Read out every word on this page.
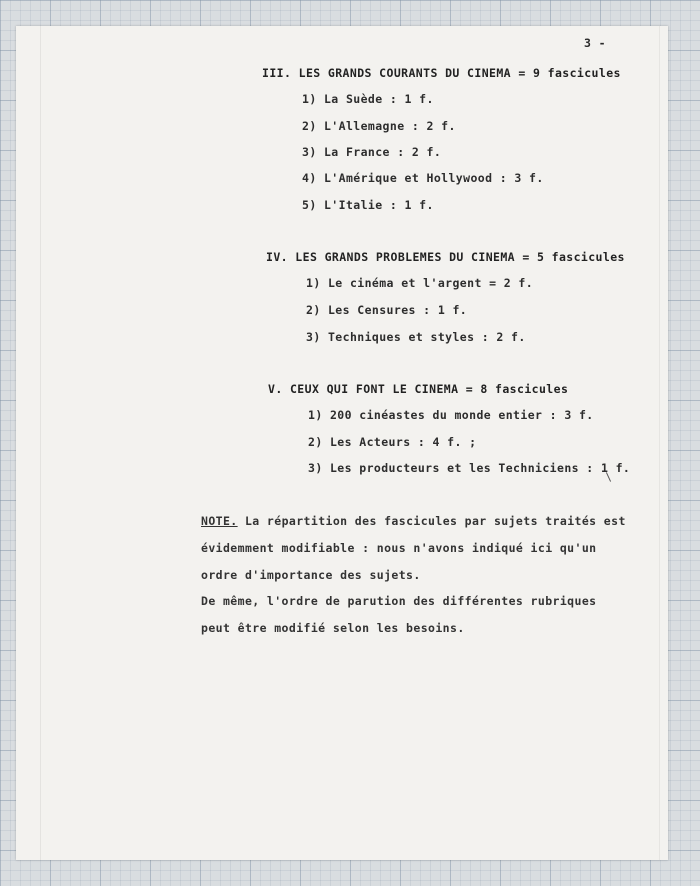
3 -
III. LES GRANDS COURANTS DU CINEMA = 9 fascicules
1) La Suède : 1 f.
2) L'Allemagne : 2 f.
3) La France : 2 f.
4) L'Amérique et Hollywood : 3 f.
5) L'Italie : 1 f.
IV. LES GRANDS PROBLEMES DU CINEMA = 5 fascicules
1) Le cinéma et l'argent = 2 f.
2) Les Censures : 1 f.
3) Techniques et styles : 2 f.
V. CEUX QUI FONT LE CINEMA = 8 fascicules
1) 200 cinéastes du monde entier : 3 f.
2) Les Acteurs : 4 f. ;
3) Les producteurs et les Techniciens : 1 f.
NOTE. La répartition des fascicules par sujets traités est
évidemment modifiable : nous n'avons indiqué ici qu'un
ordre d'importance des sujets.
De même, l'ordre de parution des différentes rubriques
peut être modifié selon les besoins.
